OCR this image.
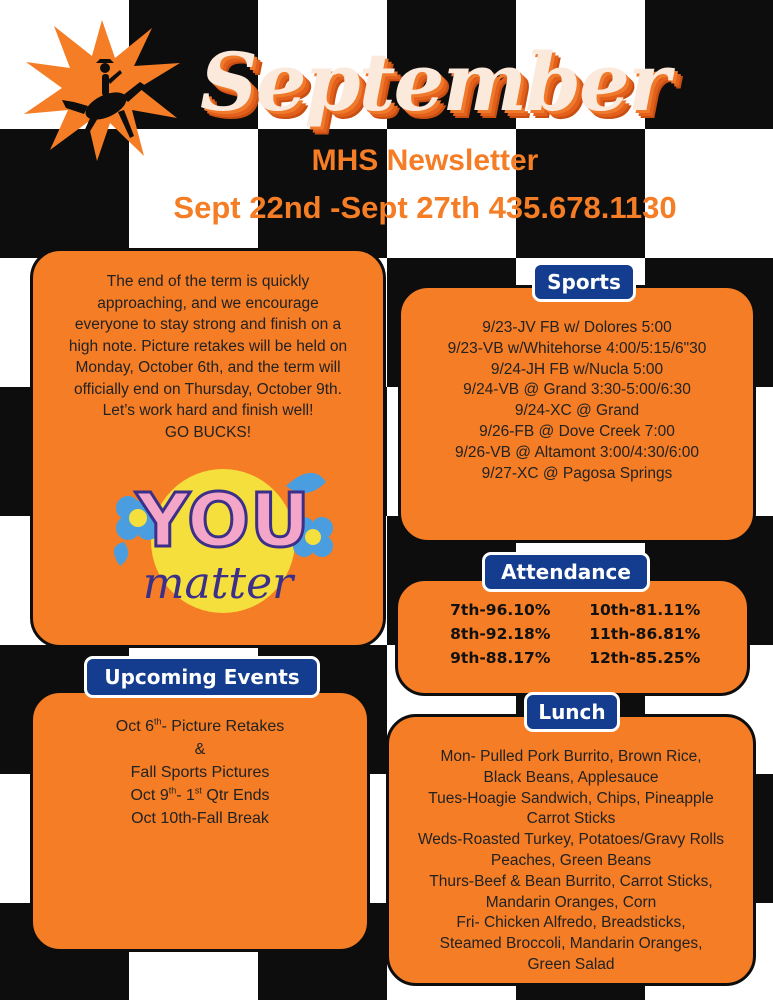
September
MHS Newsletter
Sept 22nd -Sept 27th 435.678.1130
The end of the term is quickly
approaching, and we encourage
everyone to stay strong and finish on a
high note. Picture retakes will be held on
Monday, October 6th, and the term will
officially end on Thursday, October 9th.
Let’s work hard and finish well!
GO BUCKS!
YOU
matter
Oct 6th- Picture Retakes
&
Fall Sports Pictures
Oct 9th- 1st Qtr Ends
Oct 10th-Fall Break
Upcoming Events
9/23-JV FB w/ Dolores 5:00
9/23-VB w/Whitehorse 4:00/5:15/6"30
9/24-JH FB w/Nucla 5:00
9/24-VB @ Grand 3:30-5:00/6:30
9/24-XC @ Grand
9/26-FB @ Dove Creek 7:00
9/26-VB @ Altamont 3:00/4:30/6:00
9/27-XC @ Pagosa Springs
Sports
7th-96.10%	10th-81.11%
8th-92.18%	11th-86.81%
9th-88.17%	12th-85.25%
Attendance
Mon- Pulled Pork Burrito, Brown Rice,
Black Beans, Applesauce
Tues-Hoagie Sandwich, Chips, Pineapple
Carrot Sticks
Weds-Roasted Turkey, Potatoes/Gravy Rolls
Peaches, Green Beans
Thurs-Beef & Bean Burrito, Carrot Sticks,
Mandarin Oranges, Corn
Fri- Chicken Alfredo, Breadsticks,
Steamed Broccoli, Mandarin Oranges,
Green Salad
Lunch
